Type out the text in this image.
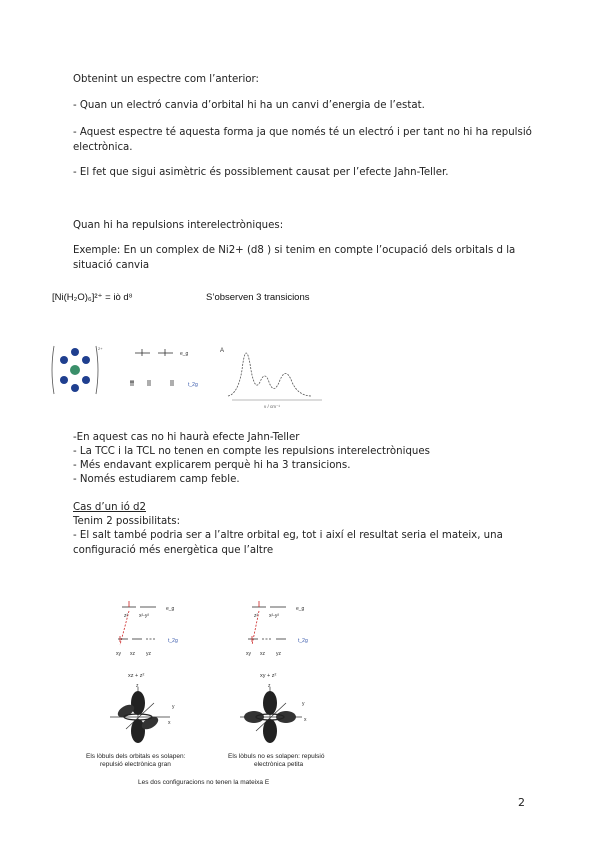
Obtenint un espectre com l’anterior:

- Quan un electró canvia d’orbital hi ha un canvi d’energia de l’estat.

- Aquest espectre té aquesta forma ja que només té un electró i per tant no hi ha repulsió electrònica.

- El fet que sigui asimètric és possiblement causat per l’efecte Jahn-Teller.

Quan hi ha repulsions interelectròniques:

Exemple: En un complex de Ni2+ (d8 ) si tenim en compte l’ocupació dels orbitals d la situació canvia

[Ni(H₂O)₆]²⁺ = iò d⁸	S’observen 3 transicions
2+
e_g
t_2g
A
ν / cm⁻¹

-En aquest cas no hi haurà efecte Jahn-Teller

- La TCC i la TCL no tenen en compte les repulsions interelectròniques

- Més endavant explicarem perquè hi ha 3 transicions.

- Només estudiarem camp feble.

Cas d’un ió d2

Tenim 2 possibilitats:

- El salt també podria ser a l’altre orbital eg, tot i així el resultat seria el mateix, una configuració més energètica que l’altre

z² x²-y²
e_g
xy xz yz
t_2g
xz + z²
z
y
x
z² x²-y²
e_g
xy xz yz
t_2g
xy + z²
z
y
x
Els lòbuls dels orbitals es solapen:
repulsió electrònica gran
Els lòbuls no es solapen: repulsió
electrònica petita
Les dos configuracions no tenen la mateixa E
2
